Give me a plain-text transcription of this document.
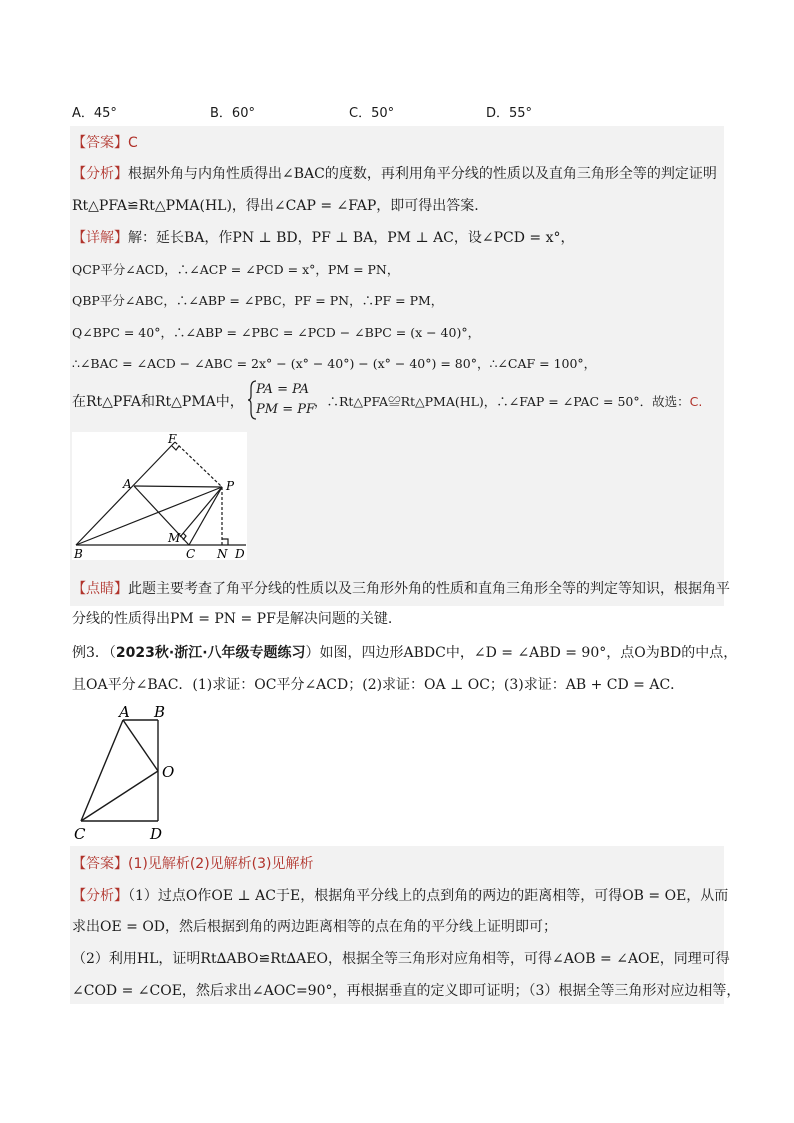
A．45°	B．60°	C．50°	D．55°
【答案】C
【分析】根据外角与内角性质得出∠BAC的度数，再利用角平分线的性质以及直角三角形全等的判定证明
Rt△PFA≌Rt△PMA(HL)，得出∠CAP = ∠FAP，即可得出答案.
【详解】解：延长BA，作PN ⊥ BD，PF ⊥ BA，PM ⊥ AC，设∠PCD = x°，
QCP平分∠ACD，∴∠ACP = ∠PCD = x°，PM = PN，
QBP平分∠ABC，∴∠ABP = ∠PBC，PF = PN，∴PF = PM，
Q∠BPC = 40°，∴∠ABP = ∠PBC = ∠PCD − ∠BPC = (x − 40)°，
∴∠BAC = ∠ACD − ∠ABC = 2x° − (x° − 40°) − (x° − 40°) = 80°，∴∠CAF = 100°，
在Rt△PFA和Rt△PMA中，
PA = PA
PM = PF
，∴Rt△PFA≌Rt△PMA(HL)，∴∠FAP = ∠PAC = 50°．故选：C.
F
A	P
M
B	C N D
【点睛】此题主要考查了角平分线的性质以及三角形外角的性质和直角三角形全等的判定等知识，根据角平
分线的性质得出PM = PN = PF是解决问题的关键.
例3．（2023秋·浙江·八年级专题练习）如图，四边形ABDC中，∠D = ∠ABD = 90°，点O为BD的中点，
且OA平分∠BAC．(1)求证：OC平分∠ACD；(2)求证：OA ⊥ OC；(3)求证：AB + CD = AC．
A B
O
C	D
【答案】(1)见解析(2)见解析(3)见解析
【分析】（1）过点O作OE ⊥ AC于E，根据角平分线上的点到角的两边的距离相等，可得OB = OE，从而
求出OE = OD，然后根据到角的两边距离相等的点在角的平分线上证明即可；
（2）利用HL，证明Rt∆ABO≌Rt∆AEO，根据全等三角形对应角相等，可得∠AOB = ∠AOE，同理可得
∠COD = ∠COE，然后求出∠AOC=90°，再根据垂直的定义即可证明；（3）根据全等三角形对应边相等，
